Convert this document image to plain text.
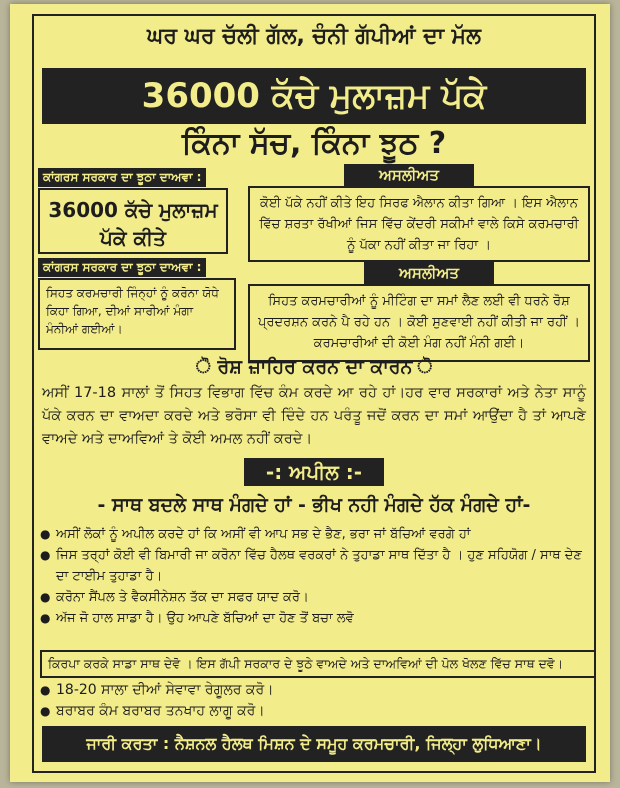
ਘਰ ਘਰ ਚੱਲੀ ਗੱਲ, ਚੰਨੀ ਗੱਪੀਆਂ ਦਾ ਮੱਲ
36000 ਕੱਚੇ ਮੁਲਾਜ਼ਮ ਪੱਕੇ
ਕਿੰਨਾ ਸੱਚ, ਕਿੰਨਾ ਝੂਠ ?
ਕਾਂਗਰਸ ਸਰਕਾਰ ਦਾ ਝੂਠਾ ਦਾਅਵਾ :
36000 ਕੱਚੇ ਮੁਲਾਜ਼ਮ ਪੱਕੇ ਕੀਤੇ
ਅਸਲੀਅਤ
ਕੋਈ ਪੱਕੇ ਨਹੀਂ ਕੀਤੇ ਇਹ ਸਿਰਫ ਐਲਾਨ ਕੀਤਾ ਗਿਆ । ਇਸ ਐਲਾਨ ਵਿੱਚ ਸ਼ਰਤਾ ਰੱਖੀਆਂ ਜਿਸ ਵਿੱਚ ਕੇਂਦਰੀ ਸਕੀਮਾਂ ਵਾਲੇ ਕਿਸੇ ਕਰਮਚਾਰੀ ਨੂੰ ਪੱਕਾ ਨਹੀਂ ਕੀਤਾ ਜਾ ਰਿਹਾ ।
ਕਾਂਗਰਸ ਸਰਕਾਰ ਦਾ ਝੂਠਾ ਦਾਅਵਾ :
ਸਿਹਤ ਕਰਮਚਾਰੀ ਜਿੰਨ੍ਹਾਂ ਨੂੰ ਕਰੋਨਾ ਯੋਧੇ ਕਿਹਾ ਗਿਆ, ਦੀਆਂ ਸਾਰੀਆਂ ਮੰਗਾ ਮੰਨੀਆਂ ਗਈਆਂ।
ਅਸਲੀਅਤ
ਸਿਹਤ ਕਰਮਚਾਰੀਆਂ ਨੂੰ ਮੀਟਿੰਗ ਦਾ ਸਮਾਂ ਲੈਣ ਲਈ ਵੀ ਧਰਨੇ ਰੋਸ਼ ਪ੍ਰਦਰਸ਼ਨ ਕਰਨੇ ਪੈ ਰਹੇ ਹਨ । ਕੋਈ ਸੁਣਵਾਈ ਨਹੀਂ ਕੀਤੀ ਜਾ ਰਹੀਂ । ਕਰਮਚਾਰੀਆਂ ਦੀ ਕੋਈ ਮੰਗ ਨਹੀਂ ਮੰਨੀ ਗਈ।
ੋ ਰੋਸ਼ ਜ਼ਾਹਿਰ ਕਰਨ ਦਾ ਕਾਰਨ ੋ
ਅਸੀਂ 17-18 ਸਾਲਾਂ ਤੋਂ ਸਿਹਤ ਵਿਭਾਗ ਵਿੱਚ ਕੰਮ ਕਰਦੇ ਆ ਰਹੇ ਹਾਂ।ਹਰ ਵਾਰ ਸਰਕਾਰਾਂ ਅਤੇ ਨੇਤਾ ਸਾਨੂੰ ਪੱਕੇ ਕਰਨ ਦਾ ਵਾਅਦਾ ਕਰਦੇ ਅਤੇ ਭਰੋਸਾ ਵੀ ਦਿੰਦੇ ਹਨ ਪਰੰਤੂ ਜਦੋਂ ਕਰਨ ਦਾ ਸਮਾਂ ਆਉਂਦਾ ਹੈ ਤਾਂ ਆਪਣੇ ਵਾਅਦੇ ਅਤੇ ਦਾਅਵਿਆਂ ਤੇ ਕੋਈ ਅਮਲ ਨਹੀਂ ਕਰਦੇ।
-: ਅਪੀਲ :-
- ਸਾਥ ਬਦਲੇ ਸਾਥ ਮੰਗਦੇ ਹਾਂ - ਭੀਖ ਨਹੀ ਮੰਗਦੇ ਹੱਕ ਮੰਗਦੇ ਹਾਂ-
● ਅਸੀਂ ਲੋਕਾਂ ਨੂੰ ਅਪੀਲ ਕਰਦੇ ਹਾਂ ਕਿ ਅਸੀਂ ਵੀ ਆਪ ਸਭ ਦੇ ਭੈਣ, ਭਰਾ ਜਾਂ ਬੱਚਿਆਂ ਵਰਗੇ ਹਾਂ
● ਜਿਸ ਤਰ੍ਹਾਂ ਕੋਈ ਵੀ ਬਿਮਾਰੀ ਜਾ ਕਰੋਨਾ ਵਿੱਚ ਹੈਲਥ ਵਰਕਰਾਂ ਨੇ ਤੁਹਾਡਾ ਸਾਥ ਦਿੱਤਾ ਹੈ । ਹੁਣ ਸਹਿਯੋਗ / ਸਾਥ ਦੇਣ ਦਾ ਟਾਈਮ ਤੁਹਾਡਾ ਹੈ।
● ਕਰੋਨਾ ਸੈਂਪਲ ਤੇ ਵੈਕਸੀਨੇਸ਼ਨ ਤੱਕ ਦਾ ਸਫਰ ਯਾਦ ਕਰੋ।
● ਅੱਜ ਜੋ ਹਾਲ ਸਾਡਾ ਹੈ। ਉਹ ਆਪਣੇ ਬੱਚਿਆਂ ਦਾ ਹੋਣ ਤੋਂ ਬਚਾ ਲਵੋ
ਕਿਰਪਾ ਕਰਕੇ ਸਾਡਾ ਸਾਥ ਦੇਵੋ । ਇਸ ਗੱਪੀ ਸਰਕਾਰ ਦੇ ਝੂਠੇ ਵਾਅਦੇ ਅਤੇ ਦਾਅਵਿਆਂ ਦੀ ਪੋਲ ਖੋਲਣ ਵਿੱਚ ਸਾਥ ਦਵੋ।
● 18-20 ਸਾਲਾ ਦੀਆਂ ਸੇਵਾਵਾ ਰੇਗੂਲਰ ਕਰੋ।
● ਬਰਾਬਰ ਕੰਮ ਬਰਾਬਰ ਤਨਖਾਹ ਲਾਗੂ ਕਰੋ।
ਜਾਰੀ ਕਰਤਾ : ਨੈਸ਼ਨਲ ਹੈਲਥ ਮਿਸ਼ਨ ਦੇ ਸਮੂਹ ਕਰਮਚਾਰੀ, ਜਿਲ੍ਹਾ ਲੁਧਿਆਣਾ।
